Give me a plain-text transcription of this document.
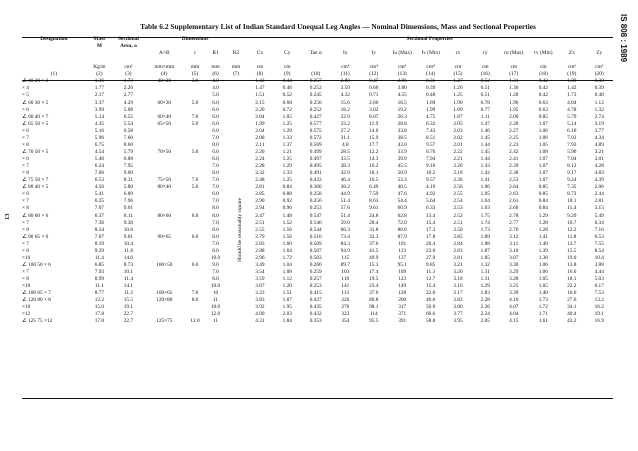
Table 6.2 Supplementary List of Indian Standard Unequal Leg Angles — Nominal Dimensions, Mass and Sectional Properties	IS 808 : 1989
13	Should be reasonably square
Designation	Mass	Sectional	Dimensions				Sectional Properties												
	M	Area, a																	
			A×B	t	R1	R2	Cx	Cy	Tan α	Ix	Iy	Iu (Max)	Iv (Min)	rx	ry	ru (Max)	rv (Min)	Zx	Zy

	Kg/m	cm²	mm×mm	mm	mm	mm	cm	cm		cm⁴	cm⁴	cm⁴	cm⁴	cm	cm	cm	cm	cm³	cm³
(1)	(2)	(3)	(4)	(5)	(6)	(7)	(8)	(9)	(10)	(11)	(12)	(13)	(14)	(15)	(16)	(17)	(18)	(19)	(20)
∠ 40 20 × 3	1.36	1.73	40×20	3.0	4.0		1.42	0.44	0.257	2.80	0.47	2.96	0.31	1.27	0.52	1.31	0.42	1.09	0.30
× 4	1.77	2.26			4.0		1.47	0.48	0.252	3.59	0.60	3.80	0.39	1.26	0.51	1.30	0.42	1.42	0.39
× 5	2.17	2.77			5.0		1.51	0.52	0.245	4.32	0.71	4.55	0.48	1.25	0.51	1.28	0.42	1.73	0.48
∠ 60 30 × 5	3.37	4.29	60×30	5.0	6.0		2.15	0.68	0.256	15.6	2.60	16.5	1.69	1.90	0.78	1.96	0.63	4.04	1.12
× 6	3.99	5.08			6.0		2.20	0.72	0.252	18.2	3.02	19.2	1.99	1.89	0.77	1.95	0.63	4.78	1.32
∠ 60 40 × 7	5.14	6.55	60×40	7.0	6.0		2.04	1.05	0.427	22.9	8.07	26.3	4.75	1.87	1.11	2.00	0.85	5.79	2.74
∠ 65 50 × 5	4.35	5.54	65×50	5.0	6.0		1.99	1.25	0.577	23.2	11.9	28.8	6.32	2.05	1.47	2.28	1.07	5.14	3.19
× 6	5.16	6.58			6.0		2.04	1.29	0.575	27.2	14.0	33.8	7.43	2.03	1.46	2.27	1.06	6.10	3.77
× 7	5.96	7.60			7.0		2.08	1.33	0.572	31.1	15.9	38.5	8.51	2.02	1.45	2.25	1.06	7.03	4.34
× 8	6.75	8.60			8.0		2.11	1.37	0.569	4.8	17.7	43.0	9.57	2.01	1.44	2.23	1.05	7.93	4.89
∠ 70 50 × 5	4.54	5.79	70×50	5.0	6.0		2.20	1.21	0.499	28.5	12.2	33.9	6.76	2.22	1.45	2.42	1.08	5.90	3.21
× 6	5.40	6.88			6.0		2.24	1.25	0.497	33.5	14.3	39.9	7.94	2.21	1.44	2.41	1.07	7.04	3.01
× 7	6.24	7.95			7.0		2.28	1.29	0.495	38.3	16.2	45.5	9.10	2.20	1.43	2.39	1.07	8.12	4.28
× 8	7.06	9.00			8.0		2.32	1.33	0.491	42.9	18.1	50.9	10.2	2.18	1.42	2.38	1.07	9.17	4.83
∠ 75 50 × 7	6.53	8.31	75×50	7.0	7.0		2.48	1.25	0.433	46.4	16.5	53.3	9.57	2.36	1.41	2.53	1.07	9.24	4.39
∠ 80 40 × 5	4.56	5.80	80×40	5.0	7.0		2.81	0.84	0.360	38.2	6.49	40.5	4.19	2.56	1.06	2.64	0.85	7.35	2.06
× 6	5.41	6.89			6.0		2.85	0.88	0.258	44.9	7.59	47.6	4.92	2.55	1.05	2.63	0.85	8.73	2.44
× 7	6.25	7.96			7.0		2.90	0.92	0.256	51.4	8.63	54.4	5.64	2.54	1.04	2.61	0.84	10.1	2.81
× 8	7.07	9.01			8.0		2.94	0.96	0.253	57.6	9.61	60.9	6.33	2.53	1.03	2.60	0.84	11.4	3.15
∠ 80 60 × 6	6.37	8.11	80×60	6.0	8.0		2.47	1.48	0.547	51.4	24.8	62.8	13.4	2.52	1.75	2.78	1.29	9.29	5.49
× 7	7.36	9.38			7.0		2.51	1.52	0.546	59.0	28.4	72.0	15.4	2.51	1.74	2.77	1.28	10.7	6.34
× 8	8.34	10.6			8.0		2.55	1.56	0.544	66.3	31.8	80.8	17.3	2.50	1.73	2.76	1.28	12.2	7.16
∠ 90 65 × 6	7.07	9.01	90×65	6.0	8.0		2.79	1.56	0.510	73.4	32.3	87.9	17.8	2.85	1.89	3.12	1.41	11.8	6.53
× 7	8.19	10.4			7.0		2.83	1.60	0.509	84.3	37.0	101	20.4	2.84	1.88	3.11	1.40	13.7	7.55
× 8	9.29	11.8			8.0		2.88	1.64	0.507	94.9	41.5	113	23.0	2.83	1.87	3.10	1.39	15.5	8.54
×10	11.4	14.6			10.0		2.96	1.72	0.503	115	49.9	137	27.9	2.81	1.85	3.07	1.38	19.0	10.4
∠ 100 50 × 6	6.85	8.73	100×50	6.0	9.0		3.49	1.04	0.260	89.7	15.3	95.1	9.85	3.21	1.32	3.30	1.06	13.8	3.88
× 7	7.93	10.1			7.0		3.54	1.08	0.259	103	17.4	109	11.3	3.20	1.31	3.29	1.06	16.0	4.44
× 8	8.99	11.4			8.0		3.59	1.12	0.257	116	19.5	123	12.7	3.18	1.31	3.28	1.05	18.1	5.03
×10	11.1	14.1			10.0		3.67	1.20	0.253	141	23.4	149	15.4	3.16	1.29	3.25	1.05	22.2	6.17
∠ 100 65 × 7	8.77	11.2	100×65	7.0	10		3.23	1.51	0.415	113	37.6	128	22.0	3.17	1.83	3.39	1.40	16.6	7.53
∠ 120 80 × 8	12.2	15.5	120×80	8.0	11		3.83	1.87	0.437	226	80.8	260	46.6	3.82	2.28	4.10	1.73	27.6	13.2
×10	15.0	19.1			10.0		3.92	1.95	0.435	276	98.1	317	56.9	3.80	2.26	4.07	1.72	34.1	16.2
×12	17.8	22.7			12.0		4.00	2.03	0.432	323	114	371	66.6	3.77	2.24	4.04	1.71	40.4	19.1
∠ 125 75 ×12	17.8	22.7	125×75	12.0	11		4.31	1.84	0.353	354	95.5	391	58.8	3.95	2.05	4.15	1.61	43.2	16.9
